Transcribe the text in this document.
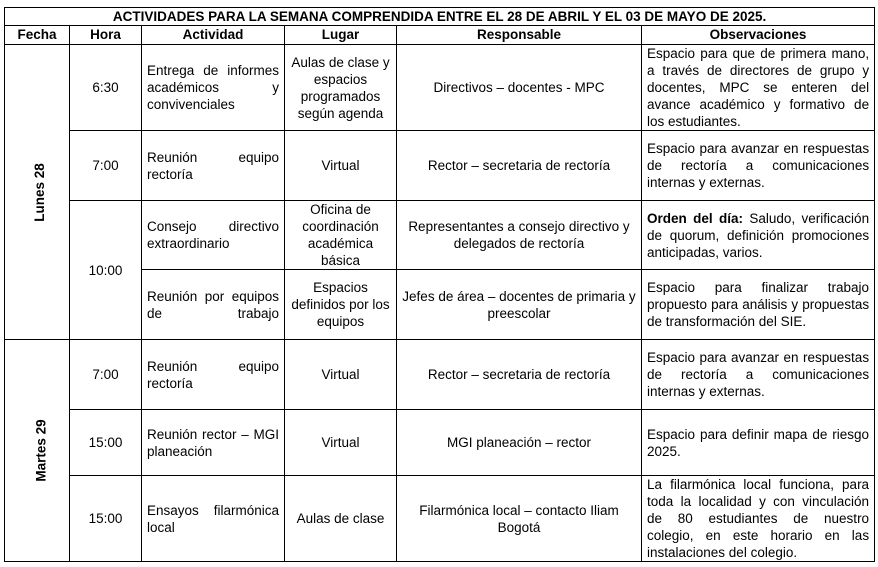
ACTIVIDADES PARA LA SEMANA COMPRENDIDA ENTRE EL 28 DE ABRIL Y EL 03 DE MAYO DE 2025.					
Fecha	Hora	Actividad	Lugar	Responsable	Observaciones
Lunes 28	6:30	Entrega de informes académicos y convivenciales	Aulas de clase y espacios programados según agenda	Directivos – docentes - MPC	Espacio para que de primera mano, a través de directores de grupo y docentes, MPC se enteren del avance académico y formativo de los estudiantes.
	7:00	Reunión equipo rectoría	Virtual	Rector – secretaria de rectoría	Espacio para avanzar en respuestas de rectoría a comunicaciones internas y externas.
	10:00	Consejo directivo extraordinario	Oficina de coordinación académica básica	Representantes a consejo directivo y delegados de rectoría	Orden del día: Saludo, verificación de quorum, definición promociones anticipadas, varios.
		Reunión por equipos de trabajo	Espacios definidos por los equipos	Jefes de área – docentes de primaria y preescolar	Espacio para finalizar trabajo propuesto para análisis y propuestas de transformación del SIE.
Martes 29	7:00	Reunión equipo rectoría	Virtual	Rector – secretaria de rectoría	Espacio para avanzar en respuestas de rectoría a comunicaciones internas y externas.
	15:00	Reunión rector – MGI planeación	Virtual	MGI planeación – rector	Espacio para definir mapa de riesgo 2025.
	15:00	Ensayos filarmónica local	Aulas de clase	Filarmónica local – contacto Iliam Bogotá	La filarmónica local funciona, para toda la localidad y con vinculación de 80 estudiantes de nuestro colegio, en este horario en las instalaciones del colegio.
